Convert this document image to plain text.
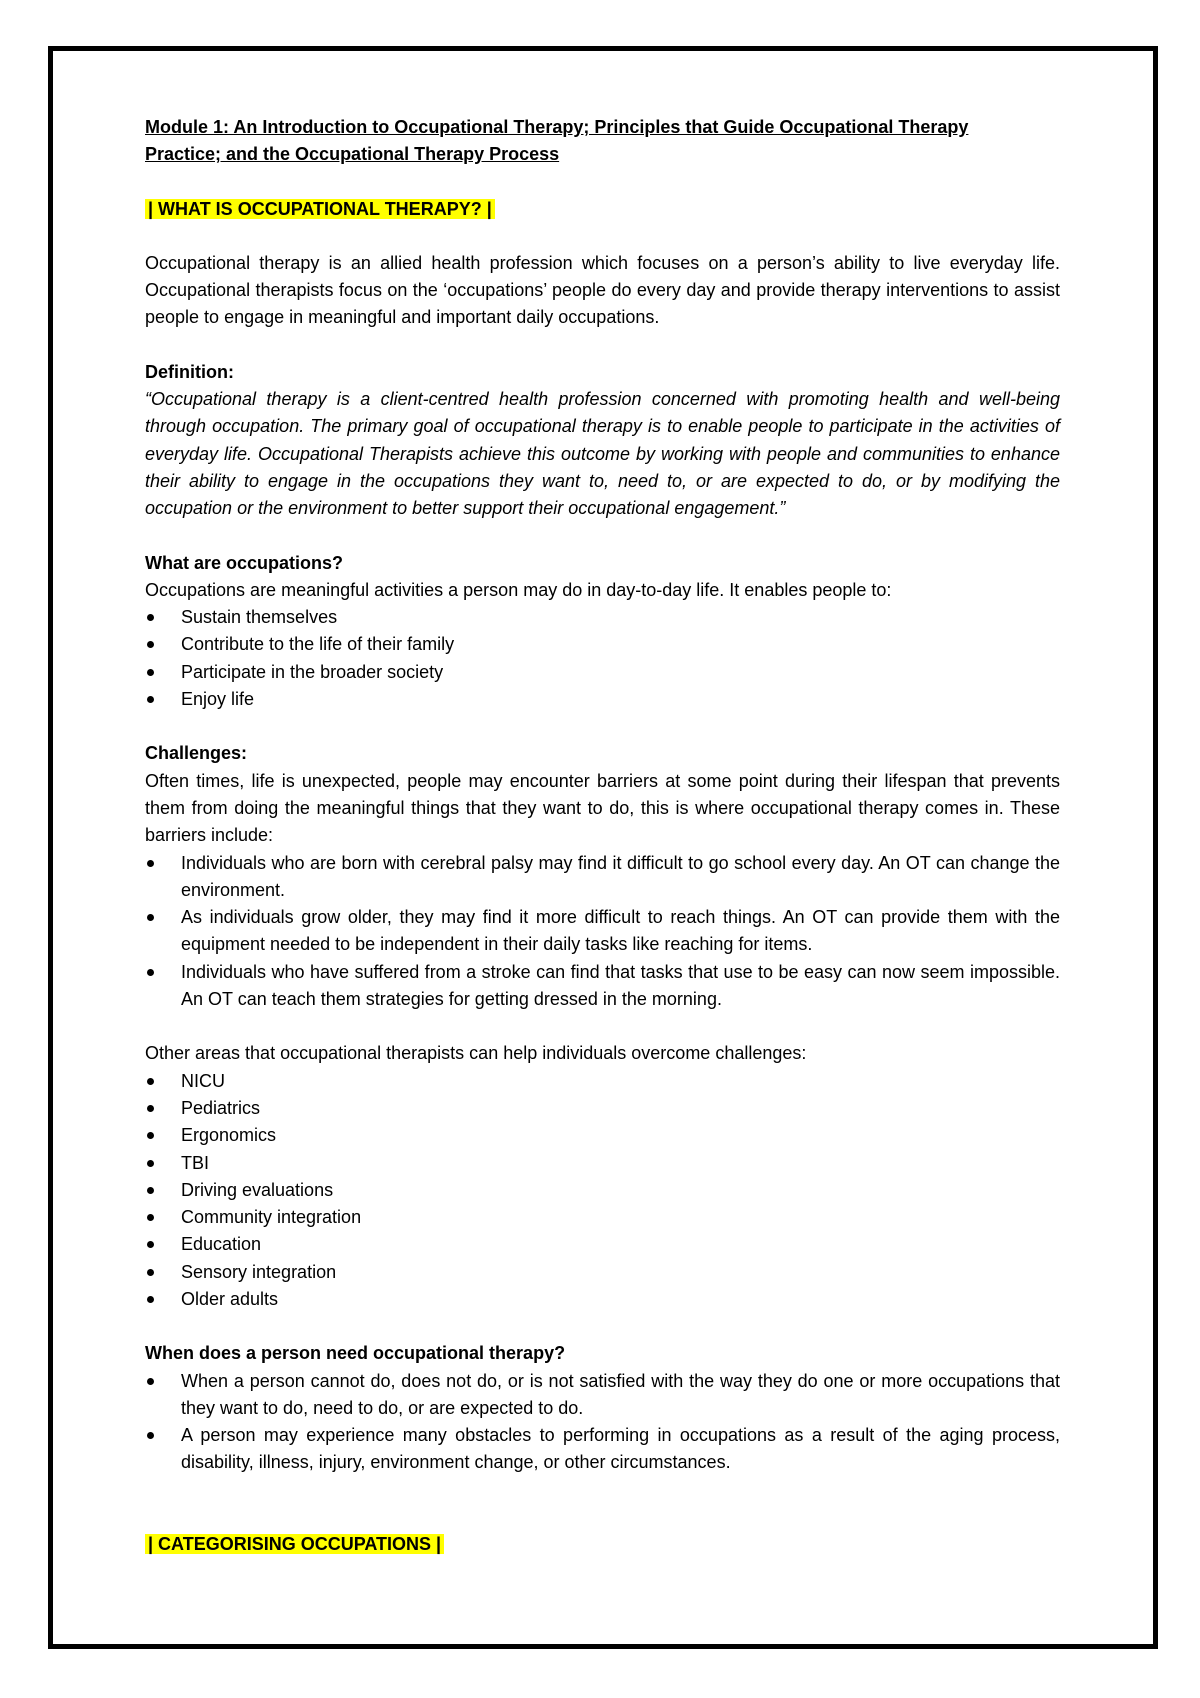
Module 1: An Introduction to Occupational Therapy; Principles that Guide Occupational Therapy
Practice; and the Occupational Therapy Process

| WHAT IS OCCUPATIONAL THERAPY? |

Occupational therapy is an allied health profession which focuses on a person’s ability to live everyday life. Occupational therapists focus on the ‘occupations’ people do every day and provide therapy interventions to assist people to engage in meaningful and important daily occupations.

Definition:

“Occupational therapy is a client-centred health profession concerned with promoting health and well-being through occupation. The primary goal of occupational therapy is to enable people to participate in the activities of everyday life. Occupational Therapists achieve this outcome by working with people and communities to enhance their ability to engage in the occupations they want to, need to, or are expected to do, or by modifying the occupation or the environment to better support their occupational engagement.”

What are occupations?

Occupations are meaningful activities a person may do in day-to-day life. It enables people to:

Sustain themselves
Contribute to the life of their family
Participate in the broader society
Enjoy life

Challenges:

Often times, life is unexpected, people may encounter barriers at some point during their lifespan that prevents them from doing the meaningful things that they want to do, this is where occupational therapy comes in. These barriers include:

Individuals who are born with cerebral palsy may find it difficult to go school every day. An OT can change the environment.
As individuals grow older, they may find it more difficult to reach things. An OT can provide them with the equipment needed to be independent in their daily tasks like reaching for items.
Individuals who have suffered from a stroke can find that tasks that use to be easy can now seem impossible. An OT can teach them strategies for getting dressed in the morning.

Other areas that occupational therapists can help individuals overcome challenges:

NICU
Pediatrics
Ergonomics
TBI
Driving evaluations
Community integration
Education
Sensory integration
Older adults

When does a person need occupational therapy?

When a person cannot do, does not do, or is not satisfied with the way they do one or more occupations that they want to do, need to do, or are expected to do.
A person may experience many obstacles to performing in occupations as a result of the aging process, disability, illness, injury, environment change, or other circumstances.

| CATEGORISING OCCUPATIONS |
